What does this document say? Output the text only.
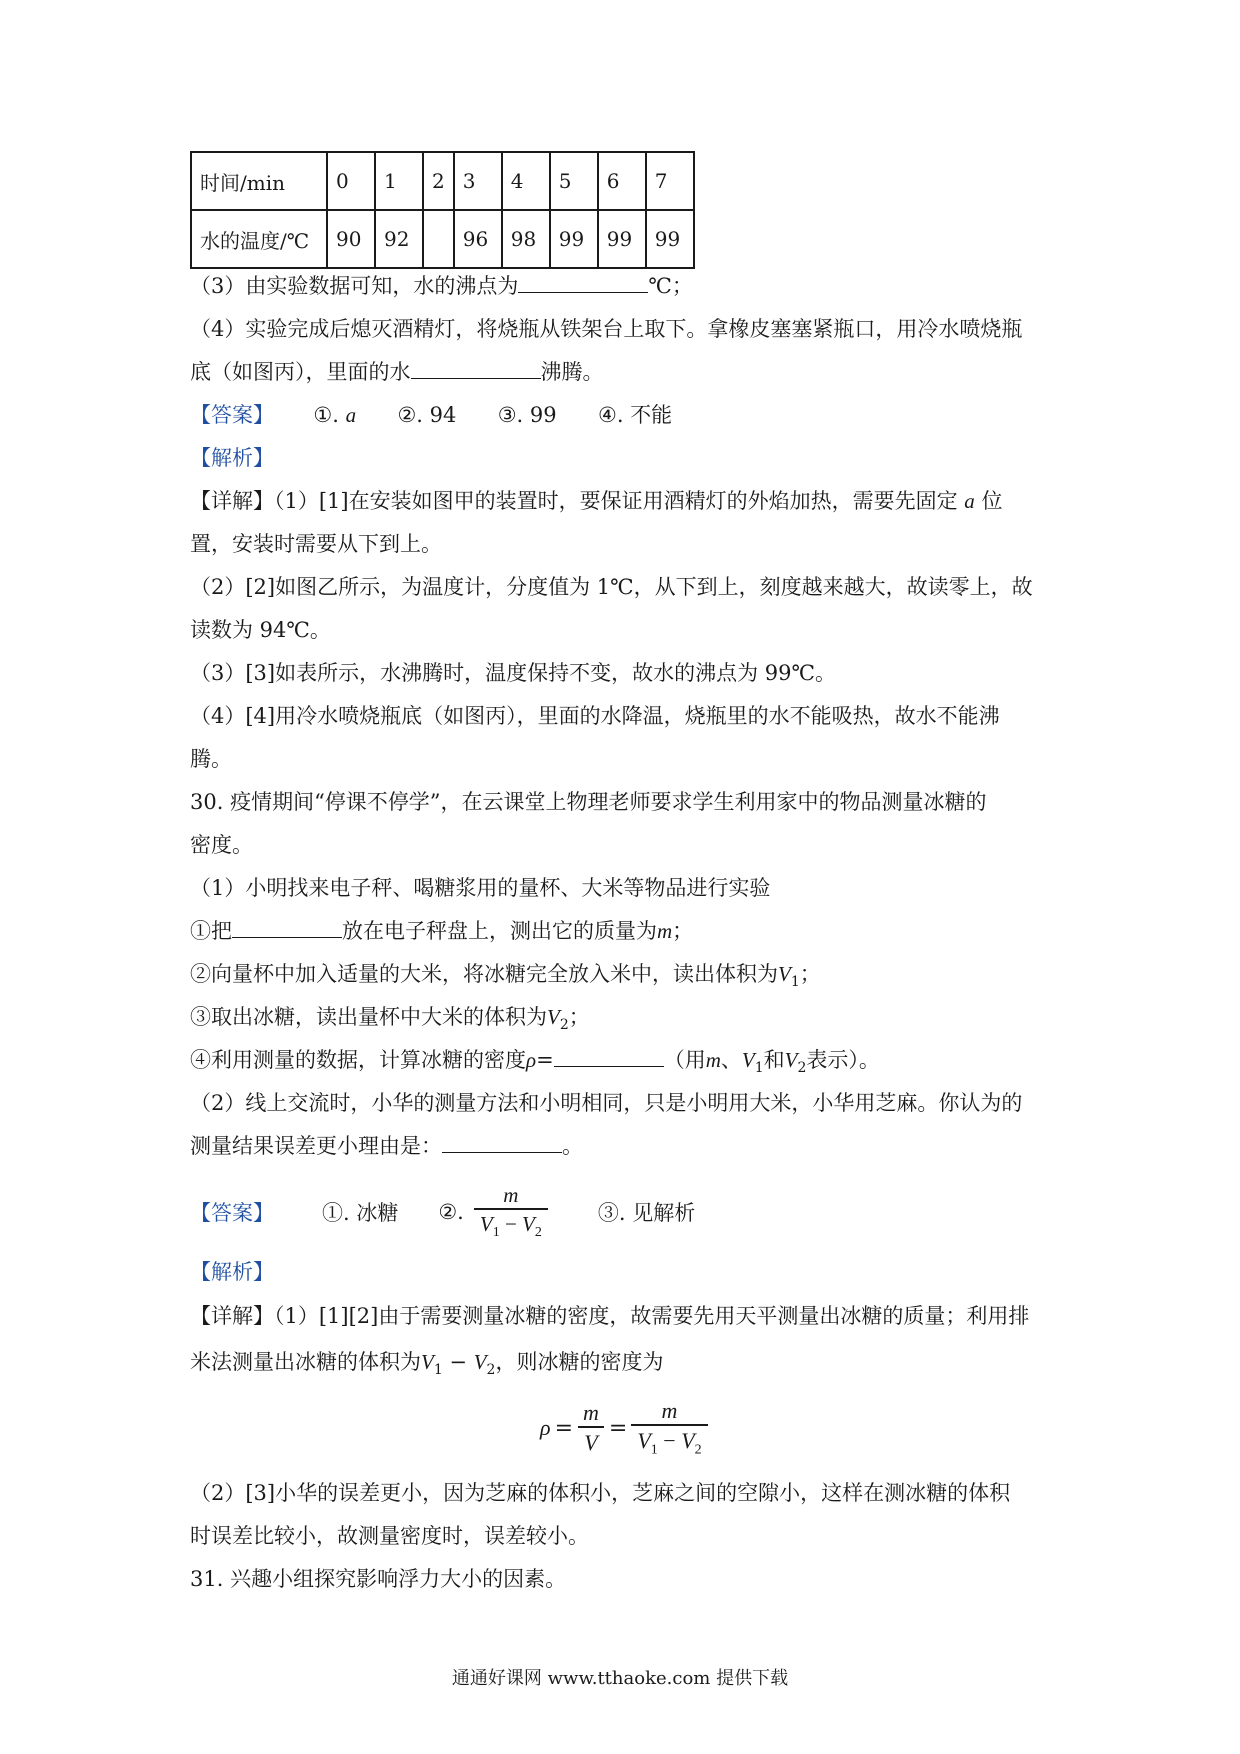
时间/min	0	1	2	3	4	5	6	7
水的温度/℃	90	92		96	98	99	99	99
（3）由实验数据可知，水的沸点为	℃；
（4）实验完成后熄灭酒精灯，将烧瓶从铁架台上取下。拿橡皮塞塞紧瓶口，用冷水喷烧瓶
底（如图丙），里面的水	沸腾。
【答案】 ①. a ②. 94 ③. 99 ④. 不能
【解析】
【详解】（1）[1]在安装如图甲的装置时，要保证用酒精灯的外焰加热，需要先固定 a 位
置，安装时需要从下到上。
（2）[2]如图乙所示，为温度计，分度值为 1℃，从下到上，刻度越来越大，故读零上，故
读数为 94℃。
（3）[3]如表所示，水沸腾时，温度保持不变，故水的沸点为 99℃。
（4）[4]用冷水喷烧瓶底（如图丙），里面的水降温，烧瓶里的水不能吸热，故水不能沸
腾。
30. 疫情期间“停课不停学”，在云课堂上物理老师要求学生利用家中的物品测量冰糖的
密度。
（1）小明找来电子秤、喝糖浆用的量杯、大米等物品进行实验
①把	放在电子秤盘上，测出它的质量为m；
②向量杯中加入适量的大米，将冰糖完全放入米中，读出体积为$V_1$；
③取出冰糖，读出量杯中大米的体积为$V_2$；
④利用测量的数据，计算冰糖的密度ρ=	（用m、$V_1$和$V_2$表示）。
（2）线上交流时，小华的测量方法和小明相同，只是小明用大米，小华用芝麻。你认为的
测量结果误差更小理由是：	。
【答案】 ①. 冰糖 ②. $\frac{m}{V_1 - V_2}$ ③. 见解析
【解析】
【详解】（1）[1][2]由于需要测量冰糖的密度，故需要先用天平测量出冰糖的质量；利用排
米法测量出冰糖的体积为$V_1 - V_2$，则冰糖的密度为
$\rho = \frac{m}{V} = \frac{m}{V_1 - V_2}$
（2）[3]小华的误差更小，因为芝麻的体积小，芝麻之间的空隙小，这样在测冰糖的体积
时误差比较小，故测量密度时，误差较小。
31. 兴趣小组探究影响浮力大小的因素。
通通好课网 www.tthaoke.com 提供下载
